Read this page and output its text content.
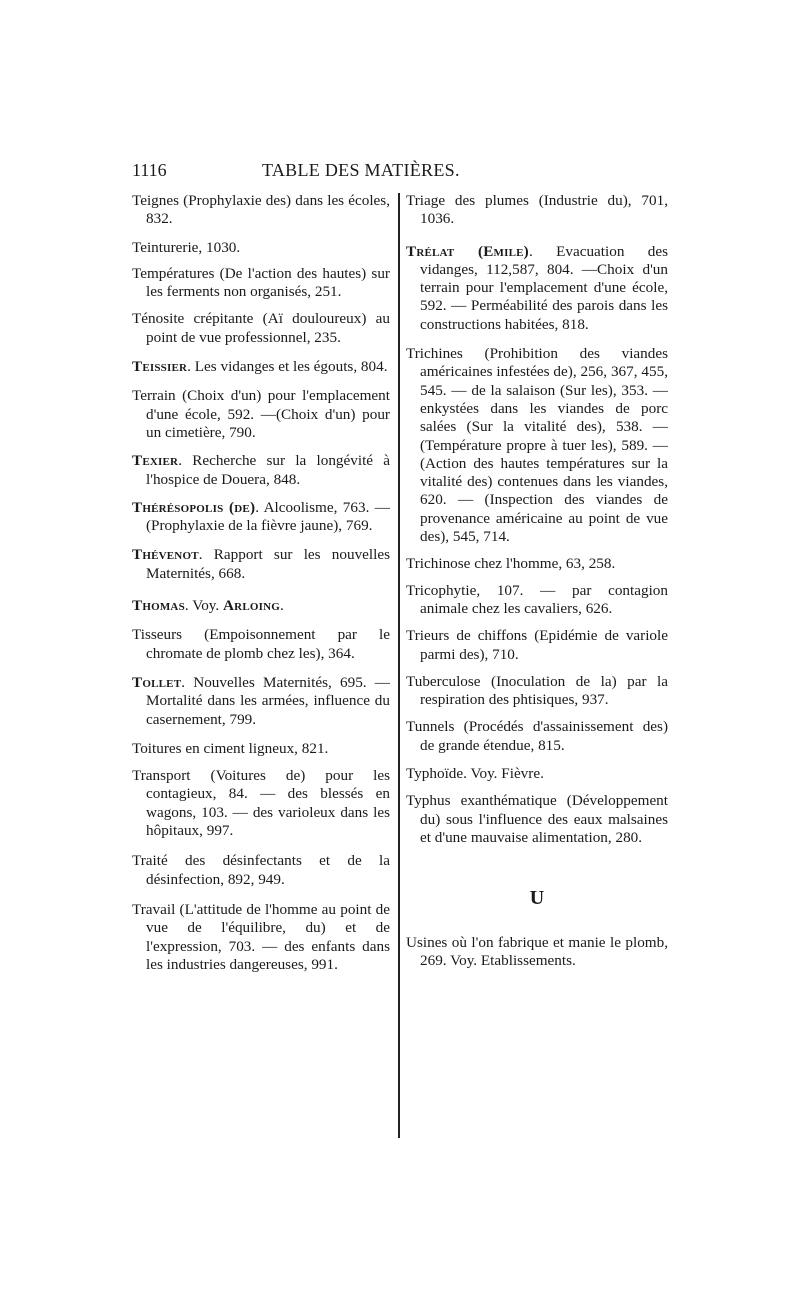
1116	TABLE DES MATIÈRES.
Teignes (Prophylaxie des) dans les écoles, 832.
Teinturerie, 1030.
Températures (De l'action des hautes) sur les ferments non organisés, 251.
Ténosite crépitante (Aï douloureux) au point de vue professionnel, 235.
Teissier. Les vidanges et les égouts, 804.
Terrain (Choix d'un) pour l'emplacement d'une école, 592. —(Choix d'un) pour un cimetière, 790.
Texier. Recherche sur la longévité à l'hospice de Douera, 848.
Thérésopolis (de). Alcoolisme, 763. — (Prophylaxie de la fièvre jaune), 769.
Thévenot. Rapport sur les nouvelles Maternités, 668.
Thomas. Voy. Arloing.
Tisseurs (Empoisonnement par le chromate de plomb chez les), 364.
Tollet. Nouvelles Maternités, 695. — Mortalité dans les armées, influence du casernement, 799.
Toitures en ciment ligneux, 821.
Transport (Voitures de) pour les contagieux, 84. — des blessés en wagons, 103. — des varioleux dans les hôpitaux, 997.
Traité des désinfectants et de la désinfection, 892, 949.
Travail (L'attitude de l'homme au point de vue de l'équilibre, du) et de l'expression, 703. — des enfants dans les industries dangereuses, 991.
Triage des plumes (Industrie du), 701, 1036.
Trélat (Emile). Evacuation des vidanges, 112,587, 804. —Choix d'un terrain pour l'emplacement d'une école, 592. — Perméabilité des parois dans les constructions habitées, 818.
Trichines (Prohibition des viandes américaines infestées de), 256, 367, 455, 545. — de la salaison (Sur les), 353. — enkystées dans les viandes de porc salées (Sur la vitalité des), 538. — (Température propre à tuer les), 589. — (Action des hautes températures sur la vitalité des) contenues dans les viandes, 620. — (Inspection des viandes de provenance américaine au point de vue des), 545, 714.
Trichinose chez l'homme, 63, 258.
Tricophytie, 107. — par contagion animale chez les cavaliers, 626.
Trieurs de chiffons (Epidémie de variole parmi des), 710.
Tuberculose (Inoculation de la) par la respiration des phtisiques, 937.
Tunnels (Procédés d'assainissement des) de grande étendue, 815.
Typhoïde. Voy. Fièvre.
Typhus exanthématique (Développement du) sous l'influence des eaux malsaines et d'une mauvaise alimentation, 280.
U
Usines où l'on fabrique et manie le plomb, 269. Voy. Etablissements.
